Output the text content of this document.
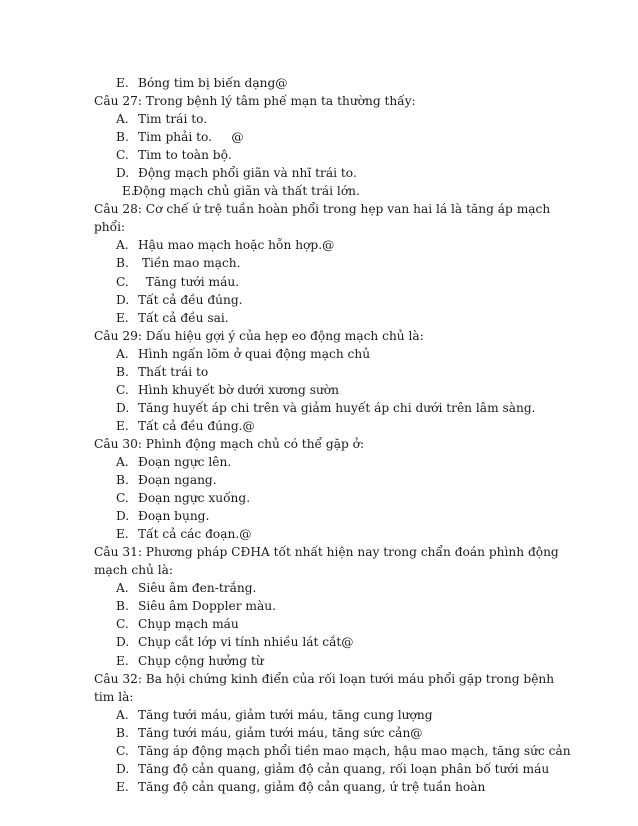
E. Bóng tim bị biến dạng@
Câu 27: Trong bệnh lý tâm phế mạn ta thường thấy:
A. Tim trái to.
B. Tim phải to.     @
C. Tim to toàn bộ.
D. Động mạch phổi giãn và nhĩ trái to.
E.
Động mạch chủ giãn và thất trái lớn.
Câu 28: Cơ chế ứ trệ tuần hoàn phổi trong hẹp van hai lá là tăng áp mạch phổi:
A. Hậu mao mạch hoặc hỗn hợp.@
B. Tiền mao mạch.
C. Tăng tưới máu.
D. Tất cả đều đúng.
E. Tất cả đều sai.
Câu 29: Dấu hiệu gợi ý của hẹp eo động mạch chủ là:
A. Hình ngấn lõm ở quai động mạch chủ
B. Thất trái to
C. Hình khuyết bờ dưới xương sườn
D. Tăng huyết áp chi trên và giảm huyết áp chi dưới trên lâm sàng.
E. Tất cả đều đúng.@
Câu 30: Phình động mạch chủ có thể gặp ở:
A. Đoạn ngực lên.
B. Đoạn ngang.
C. Đoạn ngực xuống.
D. Đoạn bụng.
E. Tất cả các đoạn.@
Câu 31: Phương pháp CĐHA tốt nhất hiện nay trong chẩn đoán phình động mạch chủ là:
A. Siêu âm đen-trắng.
B. Siêu âm Doppler màu.
C. Chụp mạch máu
D. Chụp cắt lớp vi tính nhiều lát cắt@
E. Chụp cộng hưởng từ
Câu 32: Ba hội chứng kinh điển của rối loạn tưới máu phổi gặp trong bệnh tim là:
A. Tăng tưới máu, giảm tưới máu, tăng cung lượng
B. Tăng tưới máu, giảm tưới máu, tăng sức cản@
C. Tăng áp động mạch phổi tiền mao mạch, hậu mao mạch, tăng sức cản
D. Tăng độ cản quang, giảm độ cản quang, rối loạn phân bố tưới máu
E. Tăng độ cản quang, giảm độ cản quang, ứ trệ tuần hoàn
